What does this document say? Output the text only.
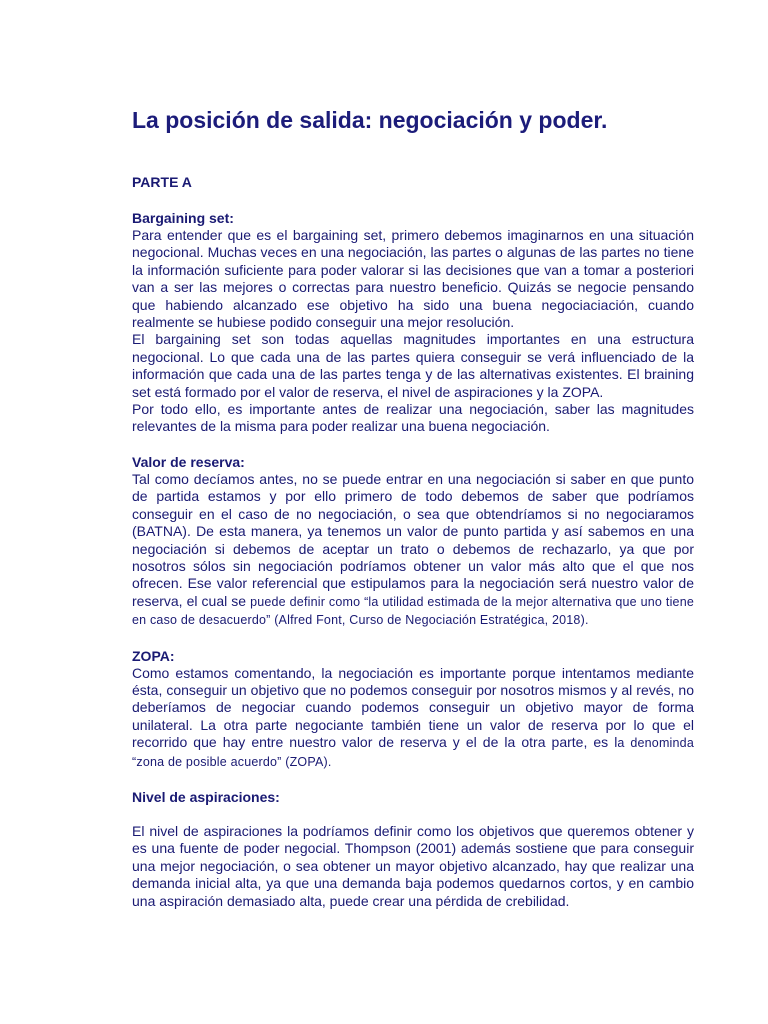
La posición de salida: negociación y poder.
PARTE A
Bargaining set:

Para entender que es el bargaining set, primero debemos imaginarnos en una situación negocional. Muchas veces en una negociación, las partes o algunas de las partes no tiene la información suficiente para poder valorar si las decisiones que van a tomar a posteriori van a ser las mejores o correctas para nuestro beneficio. Quizás se negocie pensando que habiendo alcanzado ese objetivo ha sido una buena negociaciación, cuando realmente se hubiese podido conseguir una mejor resolución.

El bargaining set son todas aquellas magnitudes importantes en una estructura negocional. Lo que cada una de las partes quiera conseguir se verá influenciado de la información que cada una de las partes tenga y de las alternativas existentes. El braining set está formado por el valor de reserva, el nivel de aspiraciones y la ZOPA.

Por todo ello, es importante antes de realizar una negociación, saber las magnitudes relevantes de la misma para poder realizar una buena negociación.

Valor de reserva:

Tal como decíamos antes, no se puede entrar en una negociación si saber en que punto de partida estamos y por ello primero de todo debemos de saber que podríamos conseguir en el caso de no negociación, o sea que obtendríamos si no negociaramos (BATNA). De esta manera, ya tenemos un valor de punto partida y así sabemos en una negociación si debemos de aceptar un trato o debemos de rechazarlo, ya que por nosotros sólos sin negociación podríamos obtener un valor más alto que el que nos ofrecen. Ese valor referencial que estipulamos para la negociación será nuestro valor de reserva, el cual se puede definir como “la utilidad estimada de la mejor alternativa que uno tiene en caso de desacuerdo” (Alfred Font, Curso de Negociación Estratégica, 2018).

ZOPA:

Como estamos comentando, la negociación es importante porque intentamos mediante ésta, conseguir un objetivo que no podemos conseguir por nosotros mismos y al revés, no deberíamos de negociar cuando podemos conseguir un objetivo mayor de forma unilateral. La otra parte negociante también tiene un valor de reserva por lo que el recorrido que hay entre nuestro valor de reserva y el de la otra parte, es la denominda “zona de posible acuerdo” (ZOPA).

Nivel de aspiraciones:

El nivel de aspiraciones la podríamos definir como los objetivos que queremos obtener y es una fuente de poder negocial. Thompson (2001) además sostiene que para conseguir una mejor negociación, o sea obtener un mayor objetivo alcanzado, hay que realizar una demanda inicial alta, ya que una demanda baja podemos quedarnos cortos, y en cambio una aspiración demasiado alta, puede crear una pérdida de crebilidad.
